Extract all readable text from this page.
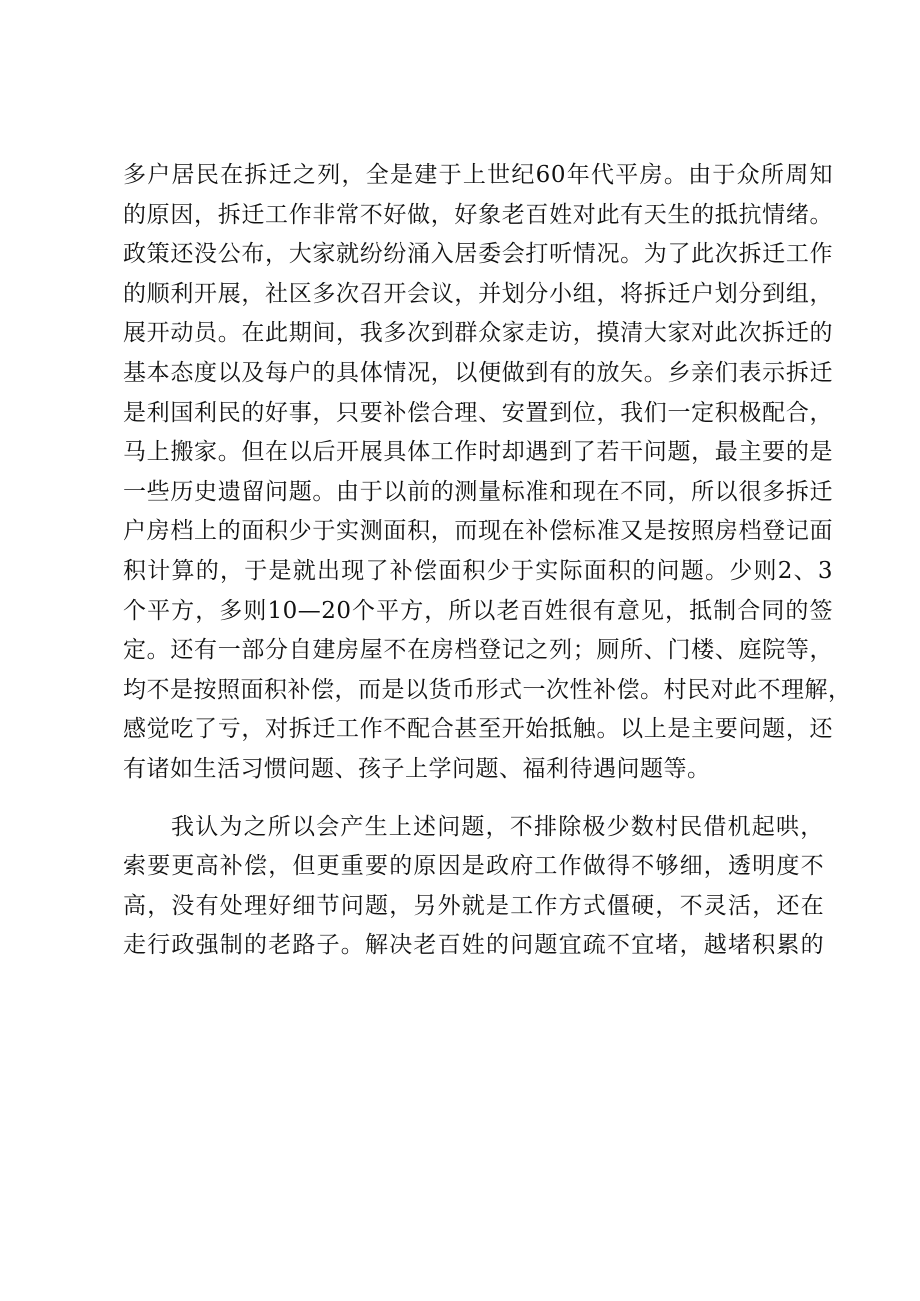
多户居民在拆迁之列，全是建于上世纪60年代平房。由于众所周知
的原因，拆迁工作非常不好做，好象老百姓对此有天生的抵抗情绪。
政策还没公布，大家就纷纷涌入居委会打听情况。为了此次拆迁工作
的顺利开展，社区多次召开会议，并划分小组，将拆迁户划分到组，
展开动员。在此期间，我多次到群众家走访，摸清大家对此次拆迁的
基本态度以及每户的具体情况，以便做到有的放矢。乡亲们表示拆迁
是利国利民的好事，只要补偿合理、安置到位，我们一定积极配合，
马上搬家。但在以后开展具体工作时却遇到了若干问题，最主要的是
一些历史遗留问题。由于以前的测量标准和现在不同，所以很多拆迁
户房档上的面积少于实测面积，而现在补偿标准又是按照房档登记面
积计算的，于是就出现了补偿面积少于实际面积的问题。少则2、3
个平方，多则10—20个平方，所以老百姓很有意见，抵制合同的签
定。还有一部分自建房屋不在房档登记之列；厕所、门楼、庭院等，
均不是按照面积补偿，而是以货币形式一次性补偿。村民对此不理解，
感觉吃了亏，对拆迁工作不配合甚至开始抵触。以上是主要问题，还
有诸如生活习惯问题、孩子上学问题、福利待遇问题等。
我认为之所以会产生上述问题，不排除极少数村民借机起哄，
索要更高补偿，但更重要的原因是政府工作做得不够细，透明度不
高，没有处理好细节问题，另外就是工作方式僵硬，不灵活，还在
走行政强制的老路子。解决老百姓的问题宜疏不宜堵，越堵积累的
